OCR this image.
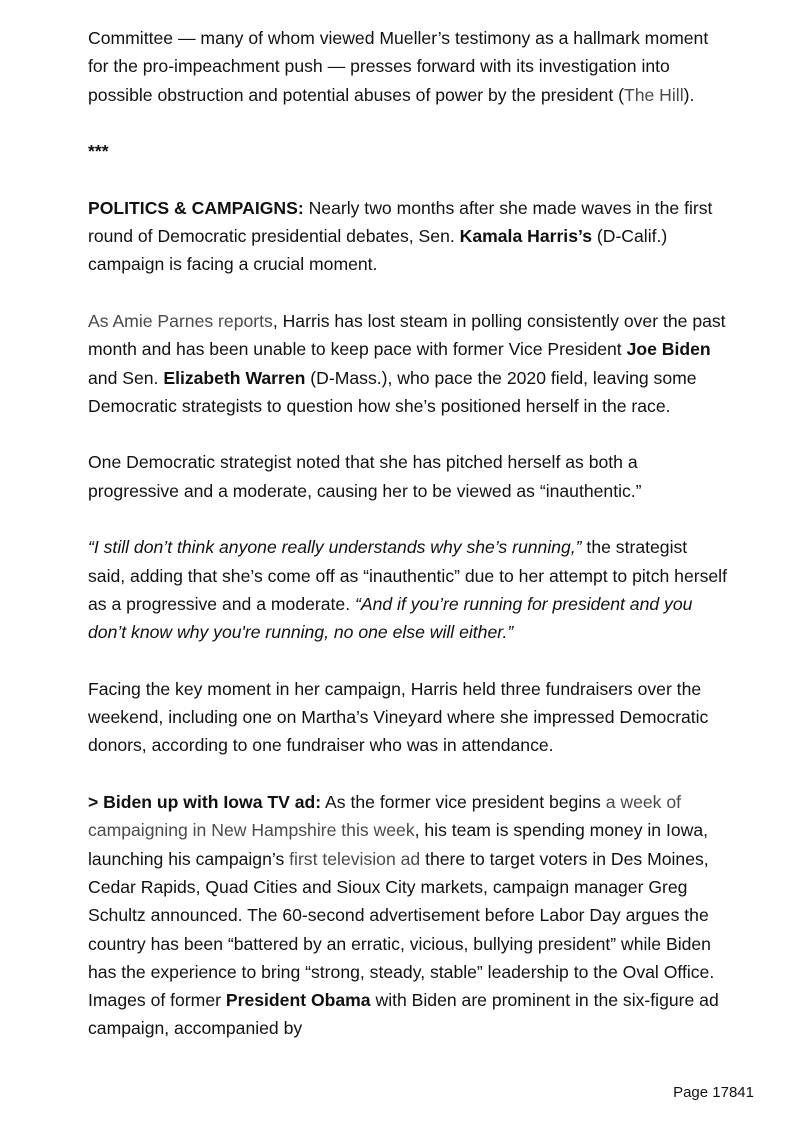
Committee — many of whom viewed Mueller’s testimony as a hallmark moment for the pro-impeachment push — presses forward with its investigation into possible obstruction and potential abuses of power by the president (The Hill).

***

POLITICS & CAMPAIGNS: Nearly two months after she made waves in the first round of Democratic presidential debates, Sen. Kamala Harris’s (D-Calif.) campaign is facing a crucial moment.

As Amie Parnes reports, Harris has lost steam in polling consistently over the past month and has been unable to keep pace with former Vice President Joe Biden and Sen. Elizabeth Warren (D-Mass.), who pace the 2020 field, leaving some Democratic strategists to question how she’s positioned herself in the race.

One Democratic strategist noted that she has pitched herself as both a progressive and a moderate, causing her to be viewed as “inauthentic.”

“I still don’t think anyone really understands why she’s running,” the strategist said, adding that she’s come off as “inauthentic” due to her attempt to pitch herself as a progressive and a moderate. “And if you’re running for president and you don’t know why you're running, no one else will either.”

Facing the key moment in her campaign, Harris held three fundraisers over the weekend, including one on Martha’s Vineyard where she impressed Democratic donors, according to one fundraiser who was in attendance.

> Biden up with Iowa TV ad: As the former vice president begins a week of campaigning in New Hampshire this week, his team is spending money in Iowa, launching his campaign’s first television ad there to target voters in Des Moines, Cedar Rapids, Quad Cities and Sioux City markets, campaign manager Greg Schultz announced. The 60-second advertisement before Labor Day argues the country has been “battered by an erratic, vicious, bullying president” while Biden has the experience to bring “strong, steady, stable” leadership to the Oval Office. Images of former President Obama with Biden are prominent in the six-figure ad campaign, accompanied by

Page 17841
